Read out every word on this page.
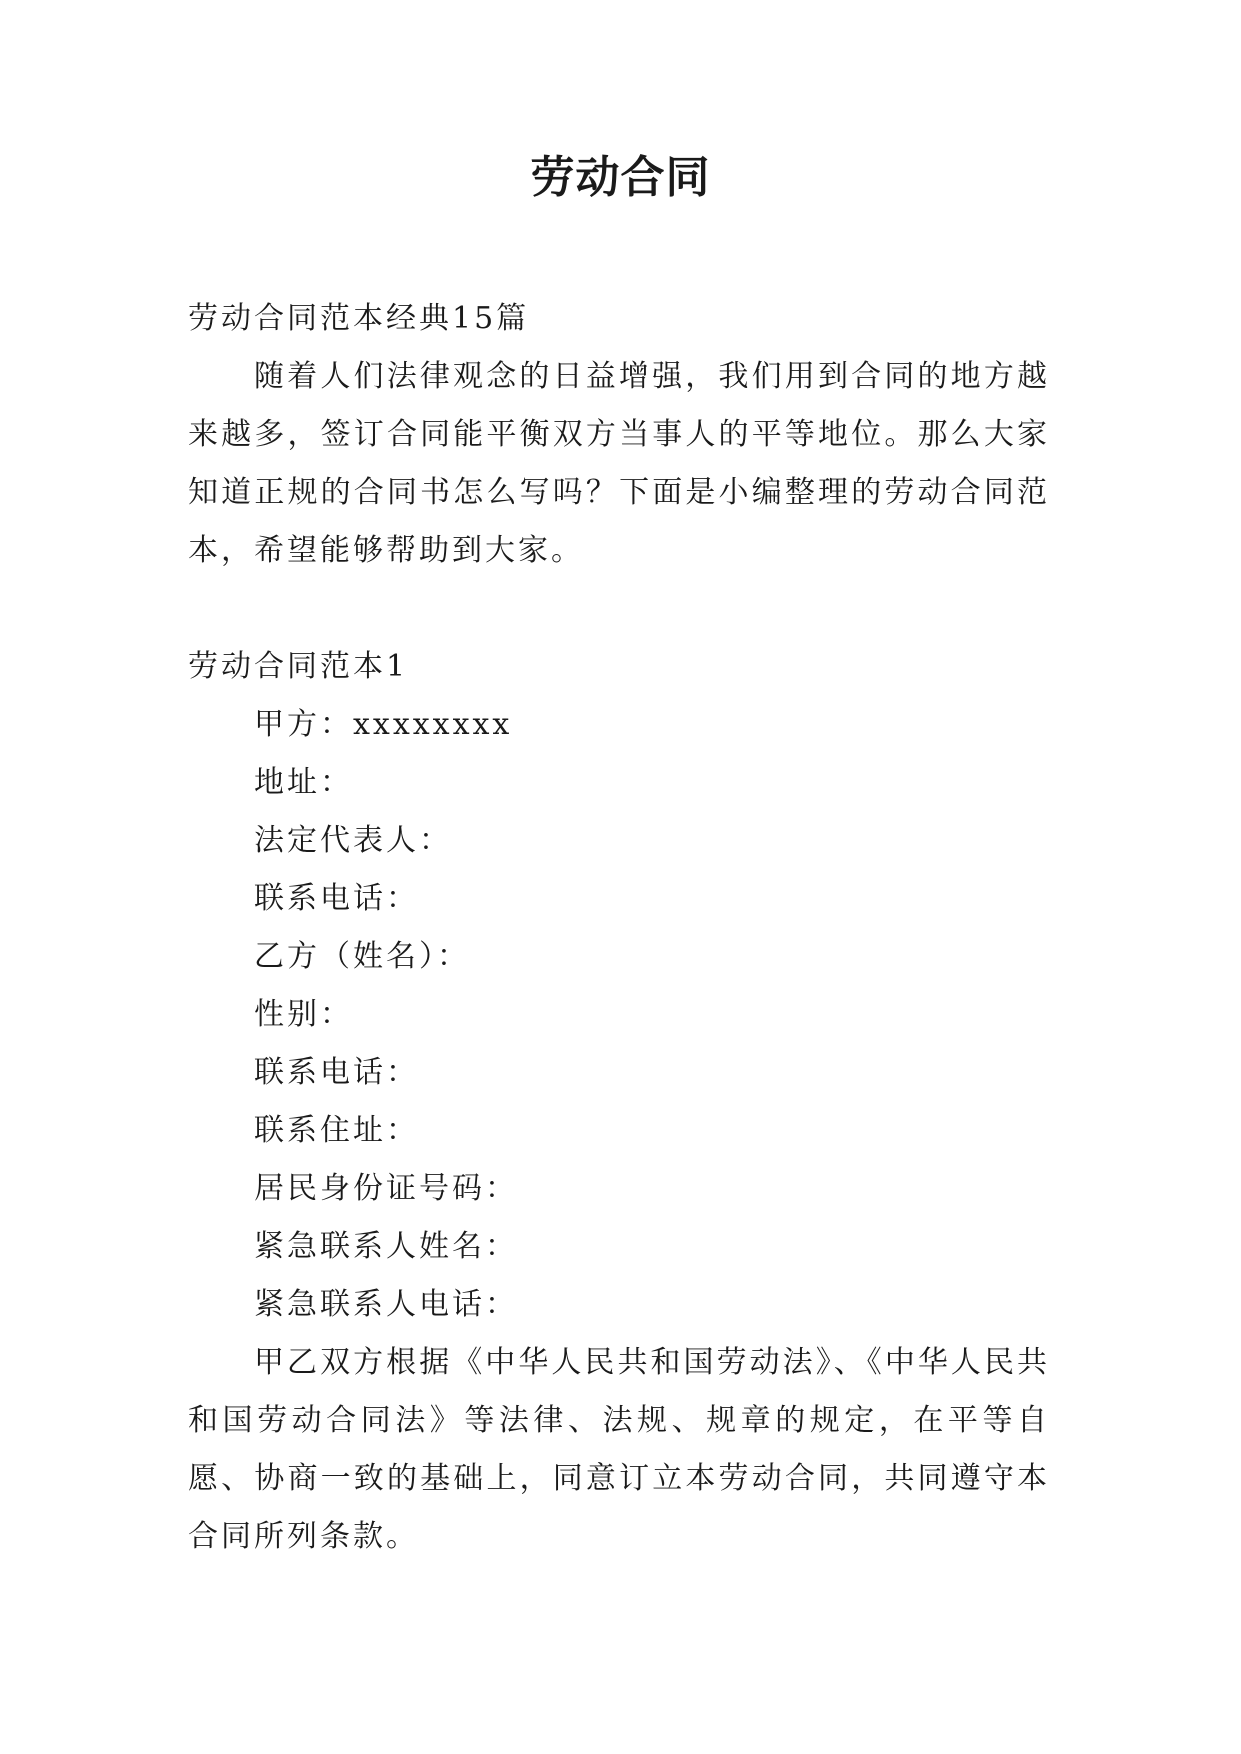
劳动合同

劳动合同范本经典15篇

随着人们法律观念的日益增强，我们用到合同的地方越来越多，签订合同能平衡双方当事人的平等地位。那么大家知道正规的合同书怎么写吗？下面是小编整理的劳动合同范本，希望能够帮助到大家。

劳动合同范本1

甲方：xxxxxxxx

地址：

法定代表人：

联系电话：

乙方（姓名）：

性别：

联系电话：

联系住址：

居民身份证号码：

紧急联系人姓名：

紧急联系人电话：

甲乙双方根据《中华人民共和国劳动法》、《中华人民共和国劳动合同法》等法律、法规、规章的规定，在平等自愿、协商一致的基础上，同意订立本劳动合同，共同遵守本合同所列条款。
